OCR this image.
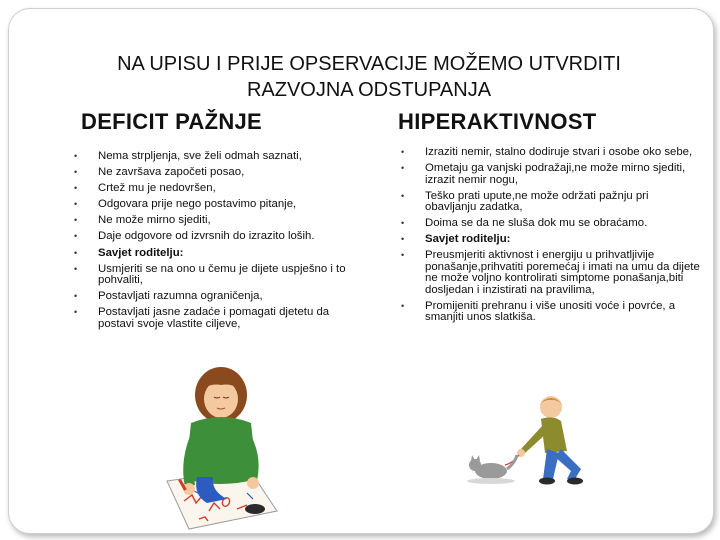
NA UPISU I PRIJE OPSERVACIJE MOŽEMO UTVRDITI
RAZVOJNA ODSTUPANJA
DEFICIT PAŽNJE	HIPERAKTIVNOST
• Nema strpljenja, sve želi odmah saznati,
• Ne završava započeti posao,
• Crtež mu je nedovršen,
• Odgovara prije nego postavimo pitanje,
• Ne može mirno sjediti,
• Daje odgovore od izvrsnih do izrazito loših.
• Savjet roditelju:
• Usmjeriti se na ono u čemu je dijete uspješno i to pohvaliti,
• Postavljati razumna ograničenja,
• Postavljati jasne zadaće i pomagati djetetu da postavi svoje vlastite ciljeve,
• Izraziti nemir, stalno dodiruje stvari i osobe oko sebe,
• Ometaju ga vanjski podražaji,ne može mirno sjediti, izrazit nemir nogu,
• Teško prati upute,ne može održati pažnju pri obavljanju zadatka,
• Doima se da ne sluša dok mu se obraćamo.
• Savjet roditelju:
• Preusmjeriti aktivnost i energiju u prihvatljivije ponašanje,prihvatiti poremećaj i imati na umu da dijete ne može voljno kontrolirati simptome ponašanja,biti dosljedan i inzistirati na pravilima,
• Promijeniti prehranu i više unositi voće i povrće, a smanjiti unos slatkiša.
